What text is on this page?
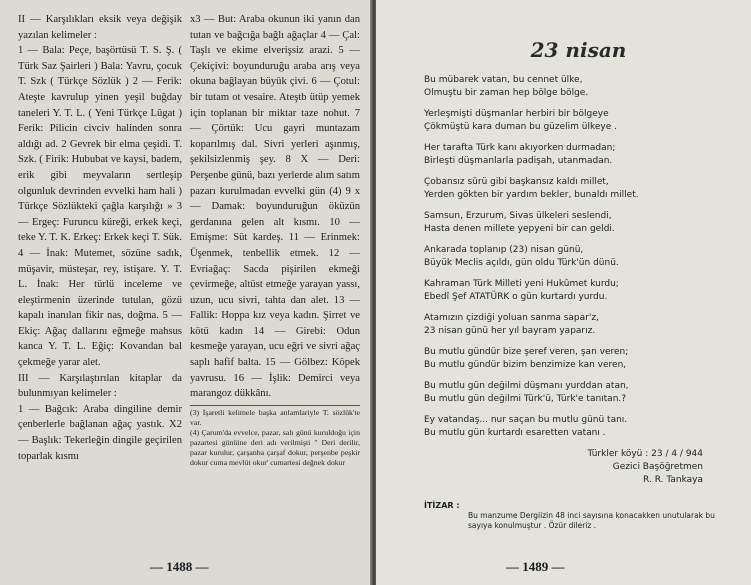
II — Karşılıkları eksik veya değişik yazılan kelimeler :

1 — Bala: Peçe, başörtüsü T. S. Ş. ( Türk Saz Şairleri ) Bala: Yavru, çocuk T. Szk ( Türkçe Sözlük ) 2 — Ferik: Ateşte kavrulup yinen yeşil buğday taneleri Y. T. L. ( Yeni Türkçe Lûgat ) Ferik: Pilicin civciv halinden sonra aldığı ad. 2 Gevrek bir elma çeşidi. T. Szk. ( Firik: Hububat ve kaysi, badem, erik gibi meyvaların sertleşip olgunluk devrinden evvelki ham hali ) Türkçe Sözlükteki çağla karşılığı » 3 — Ergeç: Furuncu küreği, erkek keçi, teke Y. T. K. Erkeç: Erkek keçi T. Sük. 4 — İnak: Mutemet, sözüne sadık, müşavir, müsteşar, rey, istişare. Y. T. L. İnak: Her türlü inceleme ve eleştirmenin üzerinde tutulan, gözü kapalı inanılan fikir nas, doğma. 5 — Ekiç: Ağaç dallarını eğmeğe mahsus kanca Y. T. L. Eğiç: Kovandan bal çekmeğe yarar alet.

III — Karşılaştırılan kitaplar da bulunmıyan kelimeler :

1 — Bağcık: Araba dingiline demir çenberlerle bağlanan ağaç yastık. X2 — Başlık: Tekerleğin dingile geçirilen toparlak kısmı

x3 — But: Araba okunun iki yanın dan tutan ve bağcığa bağlı ağaçlar 4 — Çal: Taşlı ve ekime elverişsiz arazi. 5 — Çekiçivi: boyunduruğu araba arış veya okuna bağlayan büyük çivi. 6 — Çotul: bir tutam ot vesaire. Ateştb ütüp yemek için toplanan bir miktar taze nohut. 7 — Çörtük: Ucu gayri muntazam koparılmış dal. Sivri yerleri aşınmış, şekilsizlenmiş şey. 8 X — Deri: Perşenbe günü, bazı yerlerde alım satım pazarı kurulmadan evvelki gün (4) 9 x — Damak: boyunduruğun öküzün gerdanına gelen alt kısmı. 10 — Emişme: Süt kardeş. 11 — Erinmek: Üşenmek, tenbellik etmek. 12 — Evriağaç: Sacda pişirilen ekmeği çevirmeğe, altüst etmeğe yarayan yassı, uzun, ucu sivri, tahta dan alet. 13 — Fallik: Hoppa kız veya kadın. Şirret ve kötü kadın 14 — Girebi: Odun kesmeğe yarayan, ucu eğri ve sivri ağaç saplı hafif balta. 15 — Gölbez: Köpek yavrusu. 16 — İşlik: Demirci veya marangoz dükkânı.

(3) İşaretli kelimele başka anlamlariyle T. sözlük'te var.
(4) Çarum'da evvelce, pazar, salı günü kuruldoğu için pazartesi günüine deri adı verilmişti " Deri derilir, pazar kurulur, çarşanba çarşaf dokur, perşenbe peşkir dokur cuma mevlüt okur' cumartesi değnek dokur
— 1488 —
23 nisan
Bu mübarek vatan, bu cennet ülke,
Olmuştu bir zaman hep bölge bölge.
Yerleşmişti düşmanlar herbiri bir bölgeye
Çökmüştü kara duman bu güzelim ülkeye .
Her tarafta Türk kanı akıyorken durmadan;
Birleşti düşmanlarla padişah, utanmadan.
Çobansız sürü gibi başkansız kaldı millet,
Yerden gökten bir yardım bekler, bunaldı millet.
Samsun, Erzurum, Sivas ülkeleri seslendi,
Hasta denen millete yepyeni bir can geldi.
Ankarada toplanıp (23) nisan günü,
Büyük Meclis açıldı, gün oldu Türk'ün dünü.
Kahraman Türk Milleti yeni Hukûmet kurdu;
Ebedî Şef ATATÜRK o gün kurtardı yurdu.
Atamızın çizdiği yoluan sanma sapar'z,
23 nisan günü her yıl bayram yaparız.
Bu mutlu gündür bize şeref veren, şan veren;
Bu mutlu gündür bizim benzimize kan veren,
Bu mutlu gün değilmi düşmanı yurddan atan,
Bu mutlu gün değilmi Türk'ü, Türk'e tanıtan.?
Ey vatandaş... nur saçan bu mutlu günü tanı.
Bu mutlu gün kurtardı esaretten vatanı .
Türkler köyü : 23 / 4 / 944
Gezici Başöğretmen
R. R. Tankaya
İTİZAR :
Bu manzume Dergiizin 48 inci sayısına konacakken unutularak bu sayıya konulmuştur . Özür dileriz .
— 1489 —
